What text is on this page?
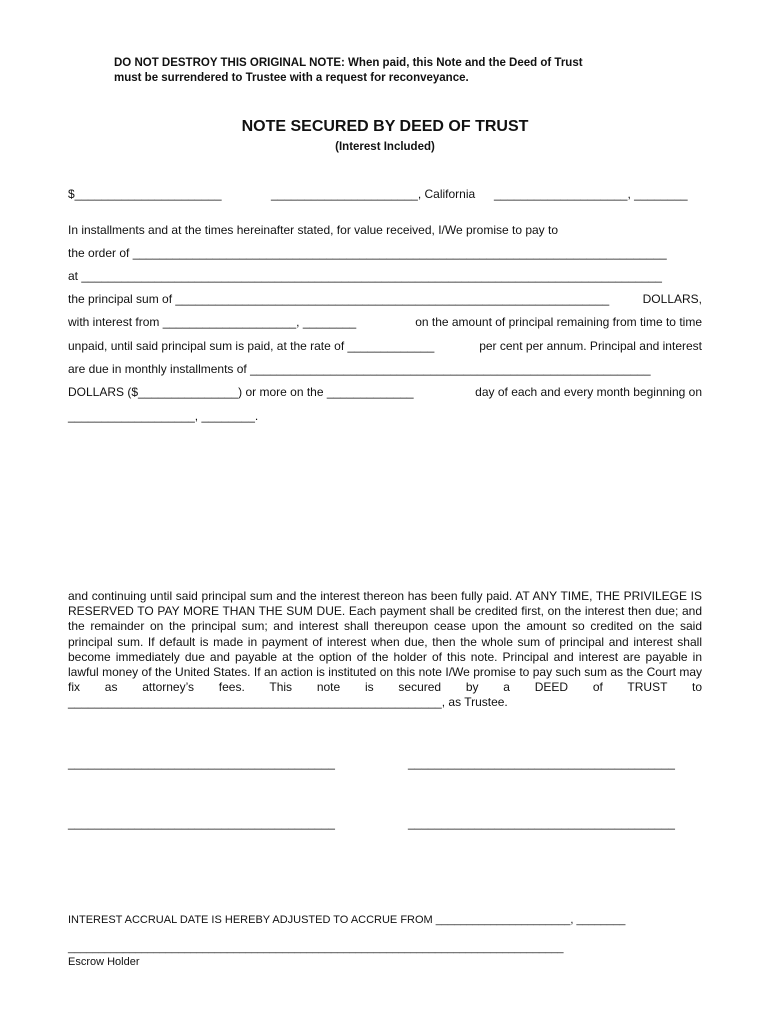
DO NOT DESTROY THIS ORIGINAL NOTE: When paid, this Note and the Deed of Trust
must be surrendered to Trustee with a request for reconveyance.
NOTE SECURED BY DEED OF TRUST
(Interest Included)
$______________________	______________________, California ____________________, ________
In installments and at the times hereinafter stated, for value received, I/We promise to pay to
the order of ________________________________________________________________________________
at _______________________________________________________________________________________
the principal sum of _________________________________________________________________	DOLLARS,
with interest from ____________________, ________	on the amount of principal remaining from time to time
unpaid, until said principal sum is paid, at the rate of _____________	per cent per annum. Principal and interest
are due in monthly installments of ____________________________________________________________
DOLLARS ($_______________) or more on the _____________	day of each and every month beginning on
___________________, ________.
and continuing until said principal sum and the interest thereon has been fully paid. AT ANY TIME, THE PRIVILEGE IS RESERVED TO PAY MORE THAN THE SUM DUE. Each payment shall be credited first, on the interest then due; and the remainder on the principal sum; and interest shall thereupon cease upon the amount so credited on the said principal sum. If default is made in payment of interest when due, then the whole sum of principal and interest shall become immediately due and payable at the option of the holder of this note. Principal and interest are payable in lawful money of the United States. If an action is instituted on this note I/We promise to pay such sum as the Court may fix as attorney’s fees. This note is secured by a DEED of TRUST to ________________________________________________________, as Trustee.
________________________________________	________________________________________
________________________________________	________________________________________
INTEREST ACCRUAL DATE IS HEREBY ADJUSTED TO ACCRUE FROM ______________________, ________
_________________________________________________________________________________
Escrow Holder
